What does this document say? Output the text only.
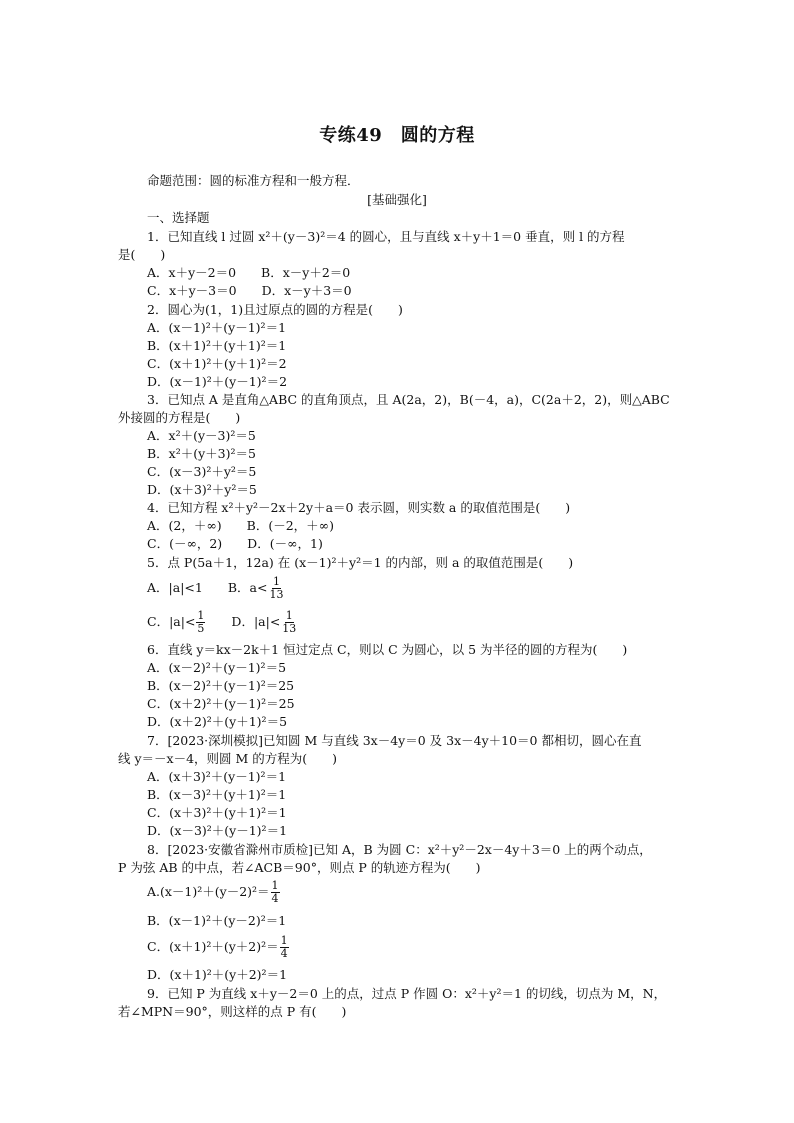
专练49　圆的方程
命题范围：圆的标准方程和一般方程．
[基础强化]
一、选择题
1．已知直线 l 过圆 x²＋(y－3)²＝4 的圆心，且与直线 x＋y＋1＝0 垂直，则 l 的方程
是(　　)
A．x＋y－2＝0　　B．x－y＋2＝0
C．x＋y－3＝0　　D．x－y＋3＝0
2．圆心为(1，1)且过原点的圆的方程是(　　)
A．(x－1)²＋(y－1)²＝1
B．(x＋1)²＋(y＋1)²＝1
C．(x＋1)²＋(y＋1)²＝2
D．(x－1)²＋(y－1)²＝2
3．已知点 A 是直角△ABC 的直角顶点，且 A(2a，2)，B(－4，a)，C(2a＋2，2)，则△ABC
外接圆的方程是(　　)
A．x²＋(y－3)²＝5
B．x²＋(y＋3)²＝5
C．(x－3)²＋y²＝5
D．(x＋3)²＋y²＝5
4．已知方程 x²＋y²－2x＋2y＋a＝0 表示圆，则实数 a 的取值范围是(　　)
A．(2，＋∞)　　B．(－2，＋∞)
C．(－∞，2)　　D．(－∞，1)
5．点 P(5a＋1，12a) 在 (x－1)²＋y²＝1 的内部，则 a 的取值范围是(　　)
A．|a|<1　　B．$a< \frac{1}{13}$
C．$|a|< \frac{1}{5}$ 　　D．$|a|< \frac{1}{13}$
6．直线 y＝kx－2k＋1 恒过定点 C，则以 C 为圆心，以 5 为半径的圆的方程为(　　)
A．(x－2)²＋(y－1)²＝5
B．(x－2)²＋(y－1)²＝25
C．(x＋2)²＋(y－1)²＝25
D．(x＋2)²＋(y＋1)²＝5
7．[2023·深圳模拟]已知圆 M 与直线 3x－4y＝0 及 3x－4y＋10＝0 都相切，圆心在直
线 y＝－x－4，则圆 M 的方程为(　　)
A．(x＋3)²＋(y－1)²＝1
B．(x－3)²＋(y＋1)²＝1
C．(x＋3)²＋(y＋1)²＝1
D．(x－3)²＋(y－1)²＝1
8．[2023·安徽省滁州市质检]已知 A，B 为圆 C：x²＋y²－2x－4y＋3＝0 上的两个动点，
P 为弦 AB 的中点，若∠ACB＝90°，则点 P 的轨迹方程为(　　)
$A.(x-1)^2+(y-2)^2= \frac{1}{4}$
B．(x－1)²＋(y－2)²＝1
C．$(x+1)^2+(y+2)^2= \frac{1}{4}$
D．(x＋1)²＋(y＋2)²＝1
9．已知 P 为直线 x＋y－2＝0 上的点，过点 P 作圆 O：x²＋y²＝1 的切线，切点为 M，N，
若∠MPN＝90°，则这样的点 P 有(　　)
